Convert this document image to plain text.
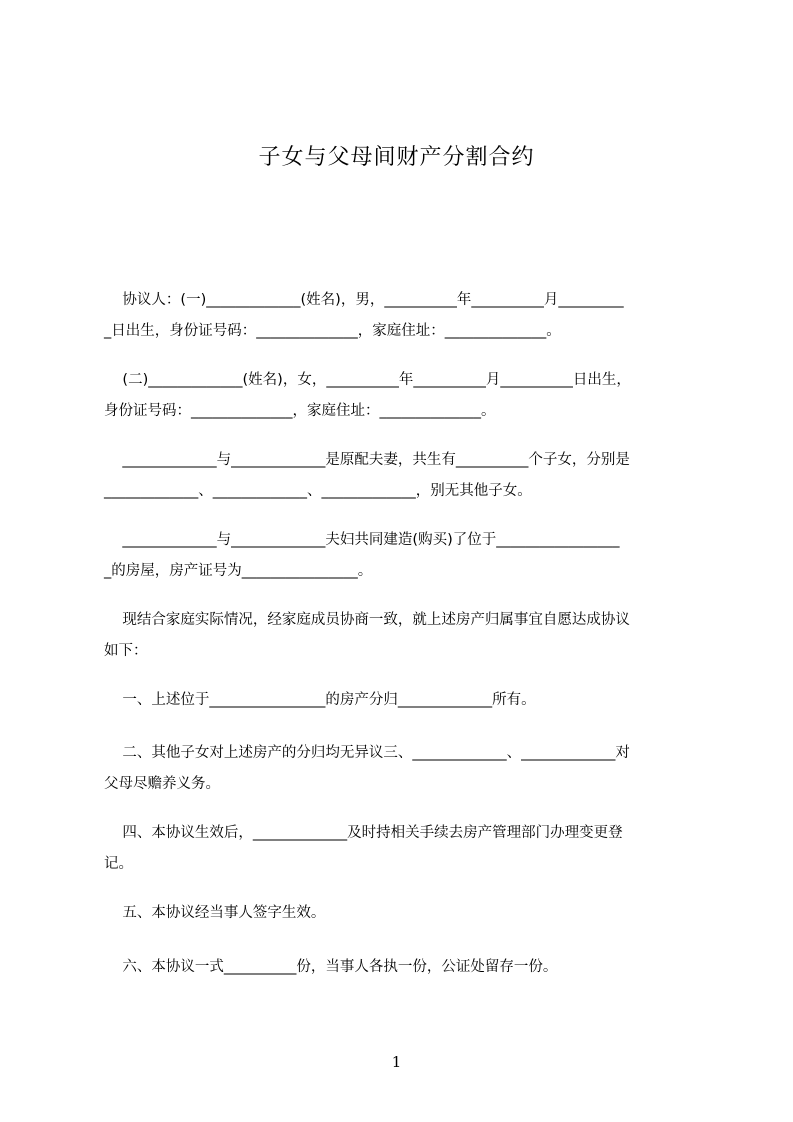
子女与父母间财产分割合约
协议人：(一)_____________(姓名)，男，__________年__________月_________
_日出生，身份证号码：______________，家庭住址：______________。
(二)_____________(姓名)，女，__________年__________月__________日出生，
身份证号码：______________，家庭住址：______________。
_____________与_____________是原配夫妻，共生有__________个子女，分别是
_____________、_____________、_____________，别无其他子女。
_____________与_____________夫妇共同建造(购买)了位于_________________
_的房屋，房产证号为________________。
现结合家庭实际情况，经家庭成员协商一致，就上述房产归属事宜自愿达成协议
如下：
一、上述位于________________的房产分归_____________所有。
二、其他子女对上述房产的分归均无异议三、_____________、_____________对
父母尽赡养义务。
四、本协议生效后，_____________及时持相关手续去房产管理部门办理变更登
记。
五、本协议经当事人签字生效。
六、本协议一式__________份，当事人各执一份，公证处留存一份。
1
